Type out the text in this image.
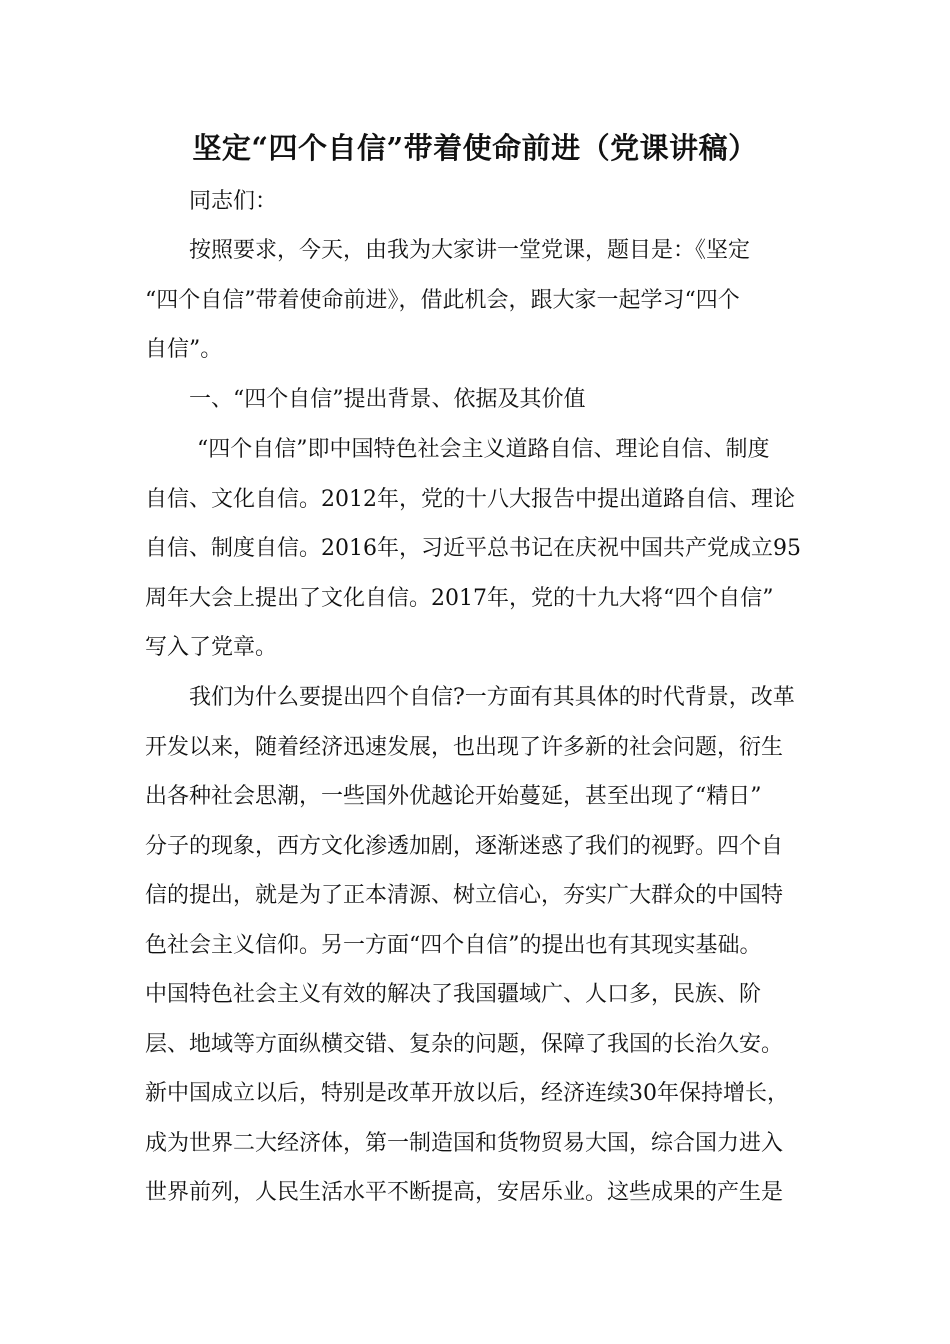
坚定“四个自信”带着使命前进（党课讲稿）
同志们：
按照要求，今天，由我为大家讲一堂党课，题目是：《坚定
“四个自信”带着使命前进》，借此机会，跟大家一起学习“四个
自信”。
一、“四个自信”提出背景、依据及其价值
“四个自信”即中国特色社会主义道路自信、理论自信、制度
自信、文化自信。2012年，党的十八大报告中提出道路自信、理论
自信、制度自信。2016年，习近平总书记在庆祝中国共产党成立95
周年大会上提出了文化自信。2017年，党的十九大将“四个自信”
写入了党章。
我们为什么要提出四个自信?一方面有其具体的时代背景，改革
开发以来，随着经济迅速发展，也出现了许多新的社会问题，衍生
出各种社会思潮，一些国外优越论开始蔓延，甚至出现了“精日”
分子的现象，西方文化渗透加剧，逐渐迷惑了我们的视野。四个自
信的提出，就是为了正本清源、树立信心，夯实广大群众的中国特
色社会主义信仰。另一方面“四个自信”的提出也有其现实基础。
中国特色社会主义有效的解决了我国疆域广、人口多，民族、阶
层、地域等方面纵横交错、复杂的问题，保障了我国的长治久安。
新中国成立以后，特别是改革开放以后，经济连续30年保持增长，
成为世界二大经济体，第一制造国和货物贸易大国，综合国力进入
世界前列，人民生活水平不断提高，安居乐业。这些成果的产生是
